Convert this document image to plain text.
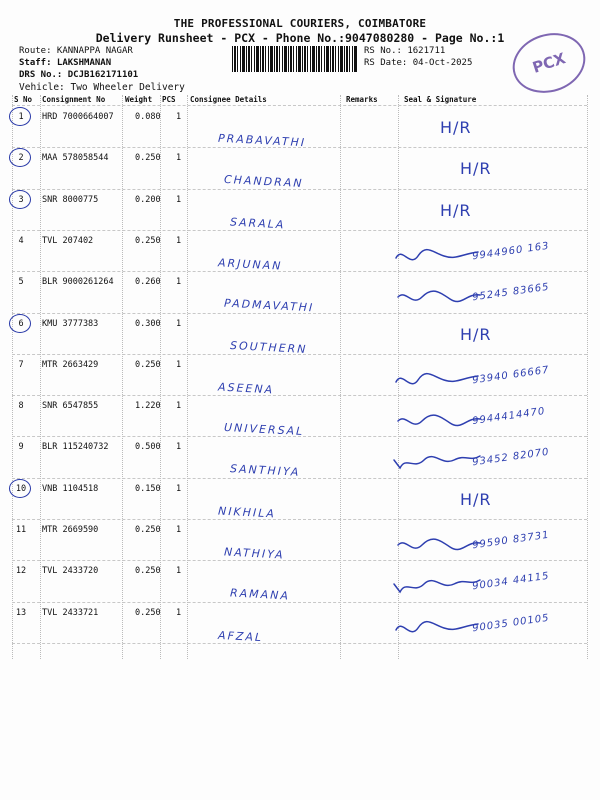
THE PROFESSIONAL COURIERS, COIMBATORE
Delivery Runsheet - PCX - Phone No.:9047080280 - Page No.:1
Route: KANNAPPA NAGAR
Staff: LAKSHMANAN
DRS No.: DCJB162171101
Vehicle: Two Wheeler Delivery
RS No.: 1621711
RS Date: 04-Oct-2025	PCX
S No Consignment No	Weight PCS Consignee Details	Remarks	Seal & Signature
1	HRD 7000664007	0.080 1
PRABAVATHI
H/R
2	MAA 578058544	0.250 1
CHANDRAN
H/R
3	SNR 8000775	0.200 1
SARALA
H/R
4	TVL 207402	0.250 1
ARJUNAN
9944960 163
5	BLR 9000261264	0.260 1
PADMAVATHI
95245 83665
6	KMU 3777383	0.300 1
SOUTHERN
H/R
7	MTR 2663429	0.250 1
ASEENA
93940 66667
8	SNR 6547855	1.220 1
UNIVERSAL
9944414470
9	BLR 115240732	0.500 1
SANTHIYA
93452 82070
10 VNB 1104518	0.150 1
NIKHILA
H/R
11 MTR 2669590	0.250 1
NATHIYA
99590 83731
12 TVL 2433720	0.250 1
RAMANA
90034 44115
13 TVL 2433721	0.250 1
AFZAL
90035 00105
